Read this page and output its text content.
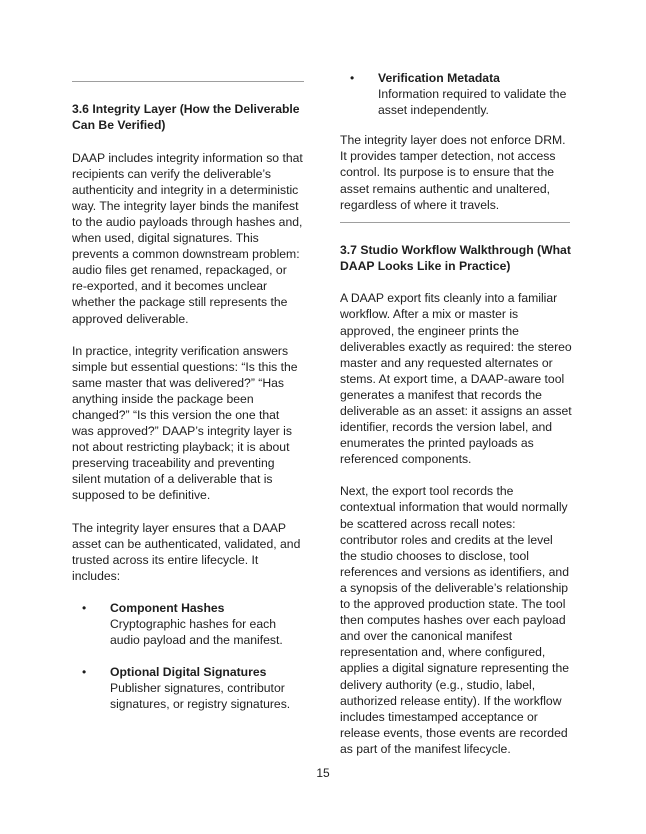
3.6 Integrity Layer (How the Deliverable Can Be Verified)

DAAP includes integrity information so that recipients can verify the deliverable’s authenticity and integrity in a deterministic way. The integrity layer binds the manifest to the audio payloads through hashes and, when used, digital signatures. This prevents a common downstream problem: audio files get renamed, repackaged, or re-exported, and it becomes unclear whether the package still represents the approved deliverable.

In practice, integrity verification answers simple but essential questions: “Is this the same master that was delivered?” “Has anything inside the package been changed?” “Is this version the one that was approved?” DAAP’s integrity layer is not about restricting playback; it is about preserving traceability and preventing silent mutation of a deliverable that is supposed to be definitive.

The integrity layer ensures that a DAAP asset can be authenticated, validated, and trusted across its entire lifecycle. It includes:

• Component Hashes
Cryptographic hashes for each audio payload and the manifest.
• Optional Digital Signatures
Publisher signatures, contributor signatures, or registry signatures.
• Verification Metadata
Information required to validate the asset independently.

The integrity layer does not enforce DRM. It provides tamper detection, not access control. Its purpose is to ensure that the asset remains authentic and unaltered, regardless of where it travels.

3.7 Studio Workflow Walkthrough (What DAAP Looks Like in Practice)

A DAAP export fits cleanly into a familiar workflow. After a mix or master is approved, the engineer prints the deliverables exactly as required: the stereo master and any requested alternates or stems. At export time, a DAAP-aware tool generates a manifest that records the deliverable as an asset: it assigns an asset identifier, records the version label, and enumerates the printed payloads as referenced components.

Next, the export tool records the contextual information that would normally be scattered across recall notes: contributor roles and credits at the level the studio chooses to disclose, tool references and versions as identifiers, and a synopsis of the deliverable’s relationship to the approved production state. The tool then computes hashes over each payload and over the canonical manifest representation and, where configured, applies a digital signature representing the delivery authority (e.g., studio, label, authorized release entity). If the workflow includes timestamped acceptance or release events, those events are recorded as part of the manifest lifecycle.

15
